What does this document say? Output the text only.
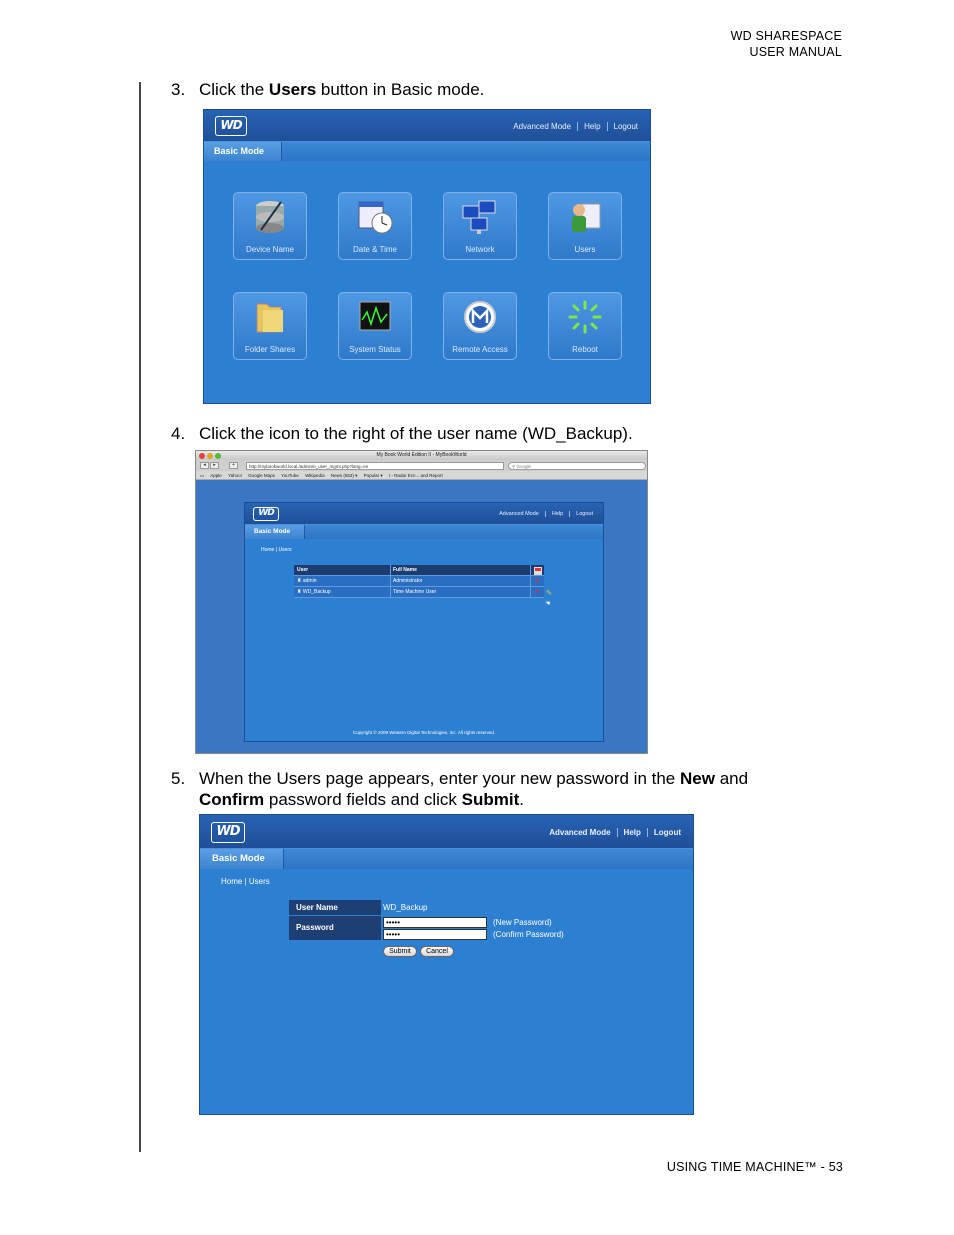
WD SHARESPACE
USER MANUAL
3. Click the Users button in Basic mode.
WD	Advanced Mode Help Logout
Basic Mode
Device Name	Date & Time	Network	Users
Folder Shares	System Status	Remote Access	Reboot
4. Click the icon to the right of the user name (WD_Backup).
My Book World Edition II - MyBookWorld
◂	▸	+	http://mybookworld.local./admin/e_user_mgmt.php?lang=en	⚲ Google
▭ Apple Yahoo! Google Maps YouTube Wikipedia News (553) ▾ Popular ▾ I - Radar Ecn... and Report
WD	Advanced Mode Help Logout
Basic Mode
Home | Users
User	Full Name
♜ admin	Administrator	✕
♜ WD_Backup	Time Machine User	✕ ✎
☚
Copyright © 2009 Western Digital Technologies, Inc. All rights reserved.
5. When the Users page appears, enter your new password in the New and Confirm password fields and click Submit.
WD	Advanced Mode Help Logout
Basic Mode
Home | Users
User Name	WD_Backup
Password
•••••	(New Password)
•••••	(Confirm Password)
Submit	Cancel
USING TIME MACHINE™ - 53
